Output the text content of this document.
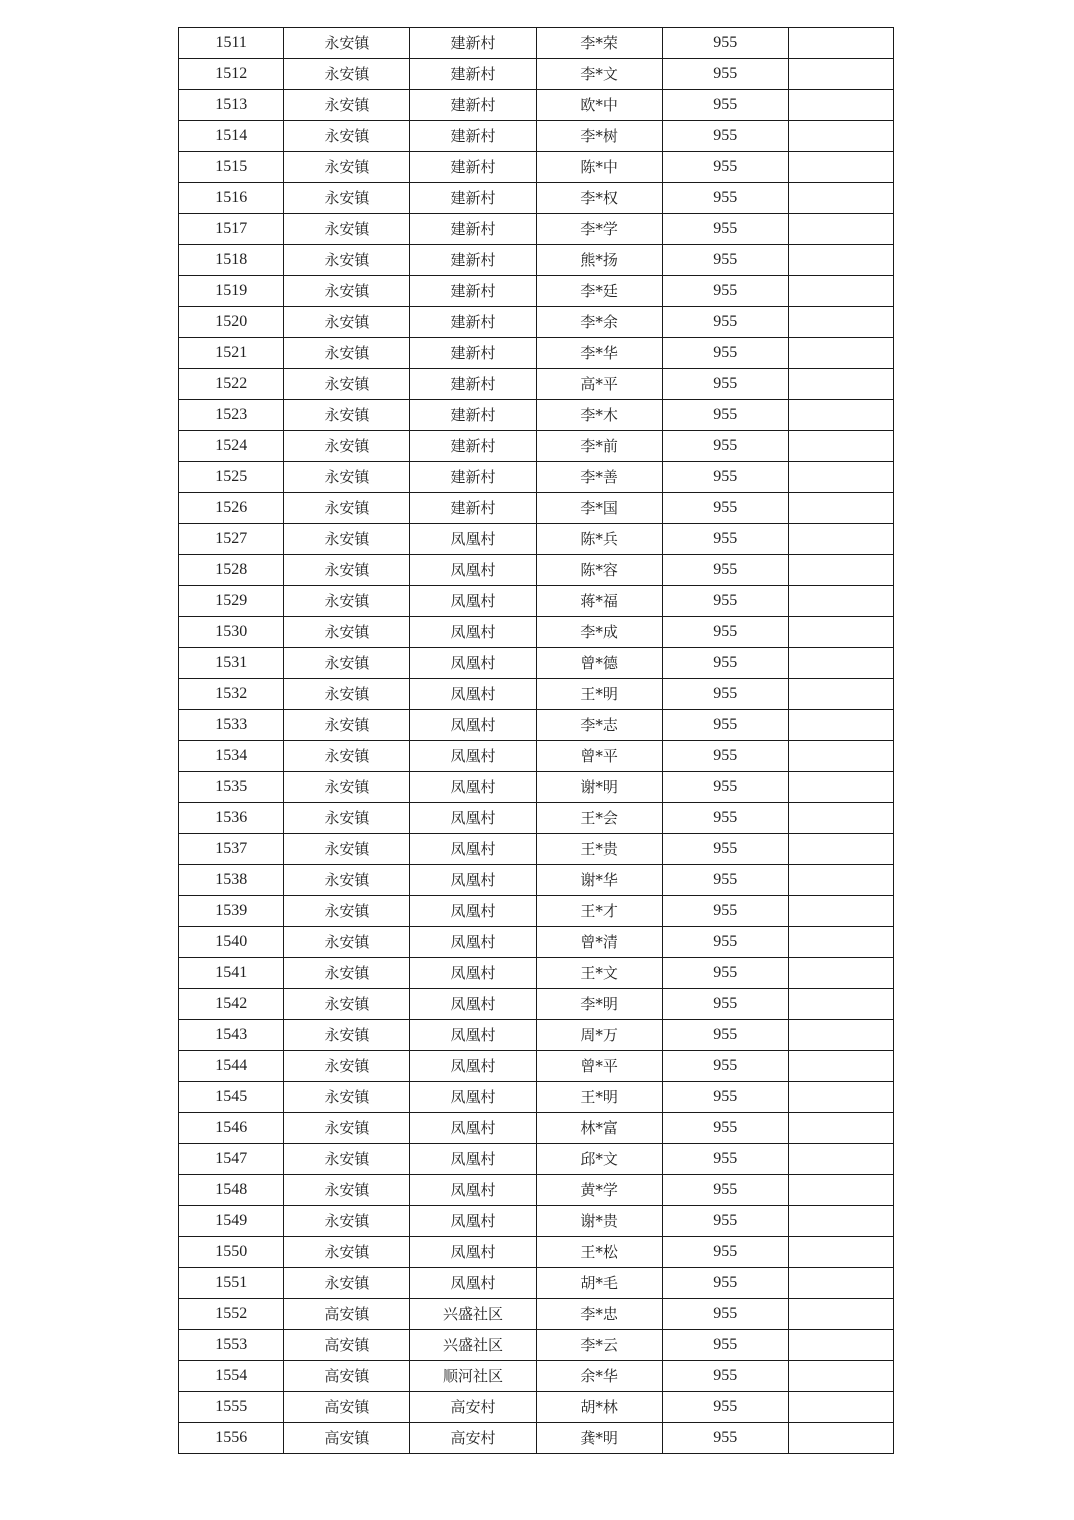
1511	永安镇	建新村	李*荣	955	
1512	永安镇	建新村	李*文	955	
1513	永安镇	建新村	欧*中	955	
1514	永安镇	建新村	李*树	955	
1515	永安镇	建新村	陈*中	955	
1516	永安镇	建新村	李*权	955	
1517	永安镇	建新村	李*学	955	
1518	永安镇	建新村	熊*扬	955	
1519	永安镇	建新村	李*廷	955	
1520	永安镇	建新村	李*余	955	
1521	永安镇	建新村	李*华	955	
1522	永安镇	建新村	高*平	955	
1523	永安镇	建新村	李*木	955	
1524	永安镇	建新村	李*前	955	
1525	永安镇	建新村	李*善	955	
1526	永安镇	建新村	李*国	955	
1527	永安镇	凤凰村	陈*兵	955	
1528	永安镇	凤凰村	陈*容	955	
1529	永安镇	凤凰村	蒋*福	955	
1530	永安镇	凤凰村	李*成	955	
1531	永安镇	凤凰村	曾*德	955	
1532	永安镇	凤凰村	王*明	955	
1533	永安镇	凤凰村	李*志	955	
1534	永安镇	凤凰村	曾*平	955	
1535	永安镇	凤凰村	谢*明	955	
1536	永安镇	凤凰村	王*会	955	
1537	永安镇	凤凰村	王*贵	955	
1538	永安镇	凤凰村	谢*华	955	
1539	永安镇	凤凰村	王*才	955	
1540	永安镇	凤凰村	曾*清	955	
1541	永安镇	凤凰村	王*文	955	
1542	永安镇	凤凰村	李*明	955	
1543	永安镇	凤凰村	周*万	955	
1544	永安镇	凤凰村	曾*平	955	
1545	永安镇	凤凰村	王*明	955	
1546	永安镇	凤凰村	林*富	955	
1547	永安镇	凤凰村	邱*文	955	
1548	永安镇	凤凰村	黄*学	955	
1549	永安镇	凤凰村	谢*贵	955	
1550	永安镇	凤凰村	王*松	955	
1551	永安镇	凤凰村	胡*毛	955	
1552	高安镇	兴盛社区	李*忠	955	
1553	高安镇	兴盛社区	李*云	955	
1554	高安镇	顺河社区	余*华	955	
1555	高安镇	高安村	胡*林	955	
1556	高安镇	高安村	龚*明	955	
